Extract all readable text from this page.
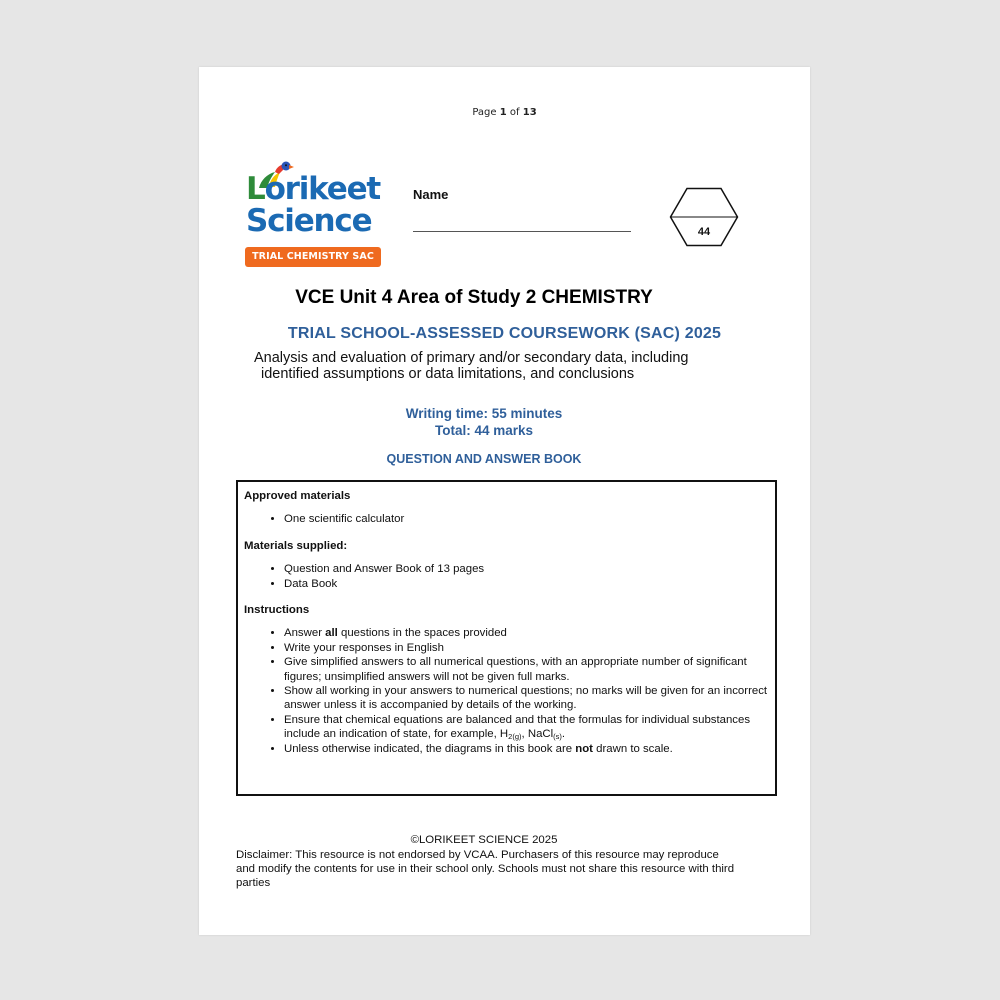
Page 1 of 13
Lorikeet
Science
TRIAL CHEMISTRY SAC
Name
44
VCE Unit 4 Area of Study 2 CHEMISTRY
TRIAL SCHOOL-ASSESSED COURSEWORK (SAC) 2025
Analysis and evaluation of primary and/or secondary data, including
identified assumptions or data limitations, and conclusions
Writing time: 55 minutes
Total: 44 marks
QUESTION AND ANSWER BOOK
Approved materials
• One scientific calculator
Materials supplied:
• Question and Answer Book of 13 pages
• Data Book
Instructions
• Answer all questions in the spaces provided
• Write your responses in English
• Give simplified answers to all numerical questions, with an appropriate number of significant figures; unsimplified answers will not be given full marks.
• Show all working in your answers to numerical questions; no marks will be given for an incorrect answer unless it is accompanied by details of the working.
• Ensure that chemical equations are balanced and that the formulas for individual substances include an indication of state, for example, $H_{2(g)}$, NaCl$_{(s)}$.
• Unless otherwise indicated, the diagrams in this book are not drawn to scale.
©LORIKEET SCIENCE 2025
Disclaimer: This resource is not endorsed by VCAA. Purchasers of this resource may reproduce and modify the contents for use in their school only. Schools must not share this resource with third parties
